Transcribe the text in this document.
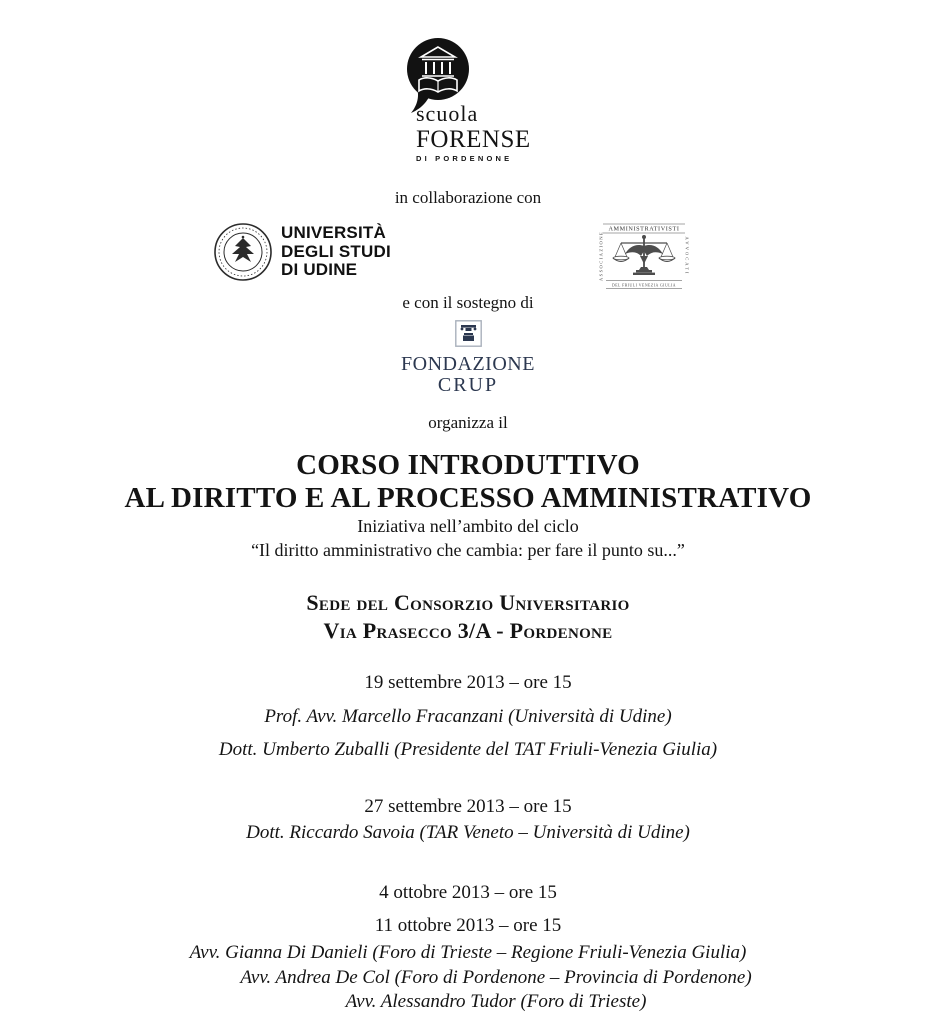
scuola
FORENSE
DI PORDENONE
in collaborazione con
UNIVERSITÀ
DEGLI STUDI
DI UDINE
AMMINISTRATIVISTI
ASSOCIAZIONE	AVVOCATI
DEL FRIULI VENEZIA GIULIA
e con il sostegno di
FONDAZIONE
CRUP
organizza il
CORSO INTRODUTTIVO
AL DIRITTO E AL PROCESSO AMMINISTRATIVO
Iniziativa nell’ambito del ciclo
“Il diritto amministrativo che cambia: per fare il punto su...”
Sede del Consorzio Universitario
Via Prasecco 3/A - Pordenone
19 settembre 2013 – ore 15
Prof. Avv. Marcello Fracanzani (Università di Udine)
Dott. Umberto Zuballi (Presidente del TAT Friuli-Venezia Giulia)
27 settembre 2013 – ore 15
Dott. Riccardo Savoia (TAR Veneto – Università di Udine)
4 ottobre 2013 – ore 15
11 ottobre 2013 – ore 15
Avv. Gianna Di Danieli (Foro di Trieste – Regione Friuli-Venezia Giulia)
Avv. Andrea De Col (Foro di Pordenone – Provincia di Pordenone)
Avv. Alessandro Tudor (Foro di Trieste)
